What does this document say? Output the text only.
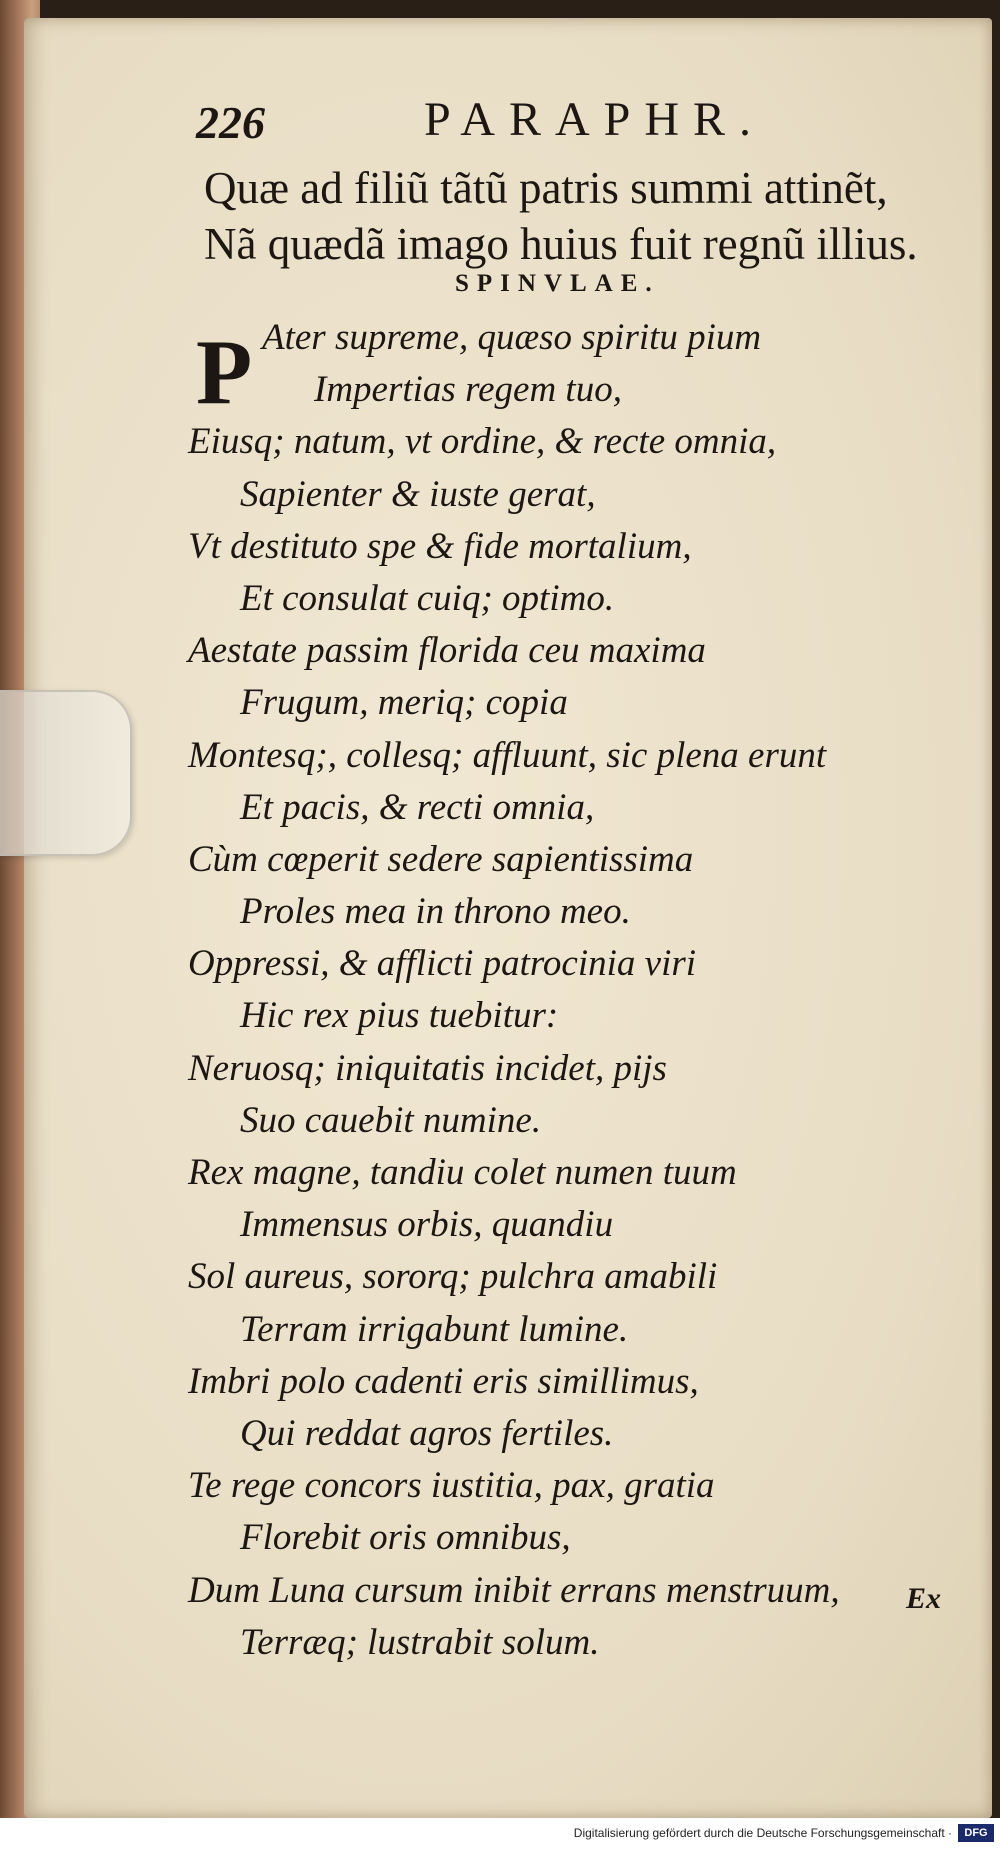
226	PARAPHR.
Quæ ad filiũ tãtũ patris summi attinẽt,
Nã quædã imago huius fuit regnũ illius.
SPINVLAE.
P Ater supreme, quæso spiritu pium
Impertias regem tuo,
Eiusq; natum, vt ordine, & recte omnia,
Sapienter & iuste gerat,
Vt destituto spe & fide mortalium,
Et consulat cuiq; optimo.
Aestate passim florida ceu maxima
Frugum, meriq; copia
Montesq;, collesq; affluunt, sic plena erunt
Et pacis, & recti omnia,
Cùm cœperit sedere sapientissima
Proles mea in throno meo.
Oppressi, & afflicti patrocinia viri
Hic rex pius tuebitur:
Neruosq; iniquitatis incidet, pijs
Suo cauebit numine.
Rex magne, tandiu colet numen tuum
Immensus orbis, quandiu
Sol aureus, sororq; pulchra amabili
Terram irrigabunt lumine.
Imbri polo cadenti eris simillimus,
Qui reddat agros fertiles.
Te rege concors iustitia, pax, gratia
Florebit oris omnibus,
Dum Luna cursum inibit errans menstruum,
Terræq; lustrabit solum.
Ex
Digitalisierung gefördert durch die Deutsche Forschungsgemeinschaft ·	DFG
